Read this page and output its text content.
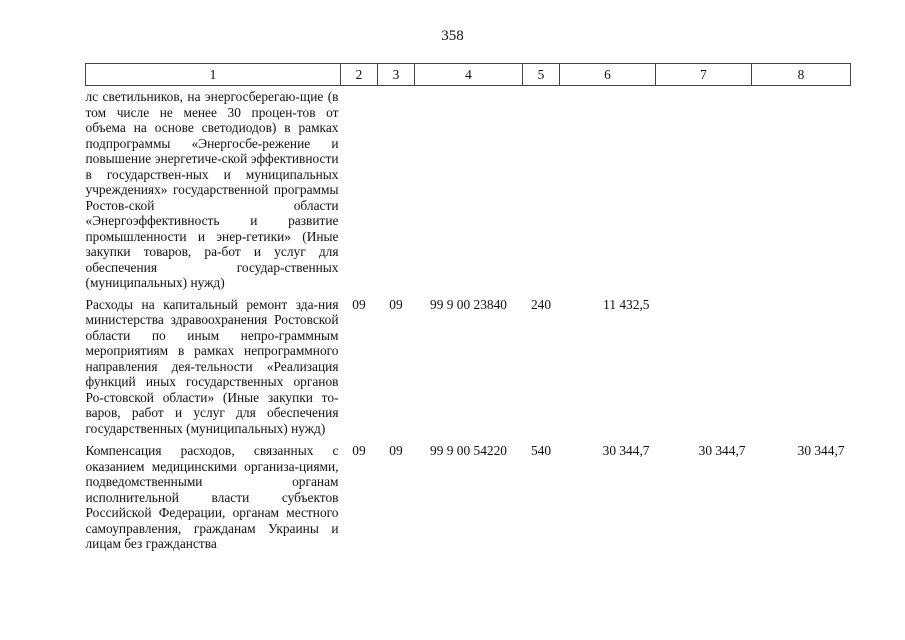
358
1	2	3	4	5	6	7	8
лс светильников, на энергосберегаю-щие (в том числе не менее 30 процен-тов от объема на основе светодиодов) в рамках подпрограммы «Энергосбе-режение и повышение энергетиче-ской эффективности в государствен-ных и муниципальных учреждениях» государственной программы Ростов-ской области «Энергоэффективность и развитие промышленности и энер-гетики» (Иные закупки товаров, ра-бот и услуг для обеспечения государ-ственных (муниципальных) нужд)							
Расходы на капитальный ремонт зда-ния министерства здравоохранения Ростовской области по иным непро-граммным мероприятиям в рамках непрограммного направления дея-тельности «Реализация функций иных государственных органов Ро-стовской области» (Иные закупки то-варов, работ и услуг для обеспечения государственных (муниципальных) нужд)	09	09	99 9 00 23840	240	11 432,5		
Компенсация расходов, связанных с оказанием медицинскими организа-циями, подведомственными органам исполнительной власти субъектов Российской Федерации, органам местного самоуправления, гражданам Украины и лицам без гражданства	09	09	99 9 00 54220	540	30 344,7	30 344,7	30 344,7
